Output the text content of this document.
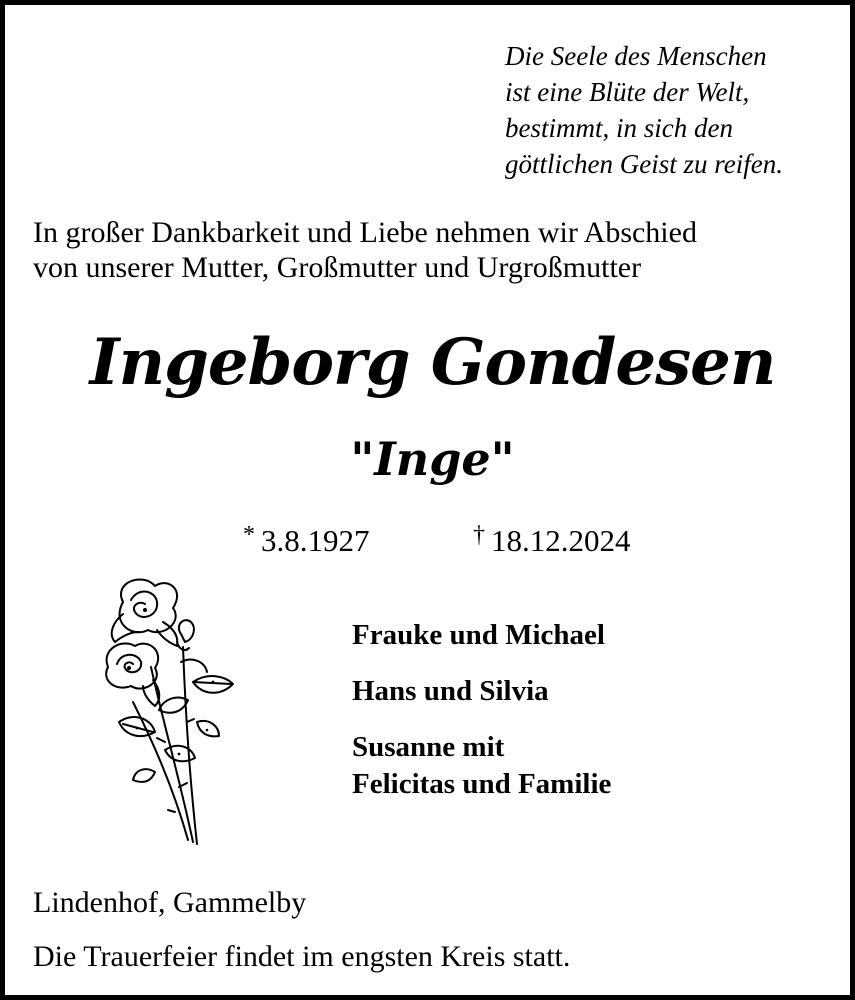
Die Seele des Menschen
ist eine Blüte der Welt,
bestimmt, in sich den
göttlichen Geist zu reifen.
In großer Dankbarkeit und Liebe nehmen wir Abschied
von unserer Mutter, Großmutter und Urgroßmutter
Ingeborg Gondesen
"Inge"
* 3.8.1927	† 18.12.2024
Frauke und Michael
Hans und Silvia
Susanne mit
Felicitas und Familie
Lindenhof, Gammelby
Die Trauerfeier findet im engsten Kreis statt.
